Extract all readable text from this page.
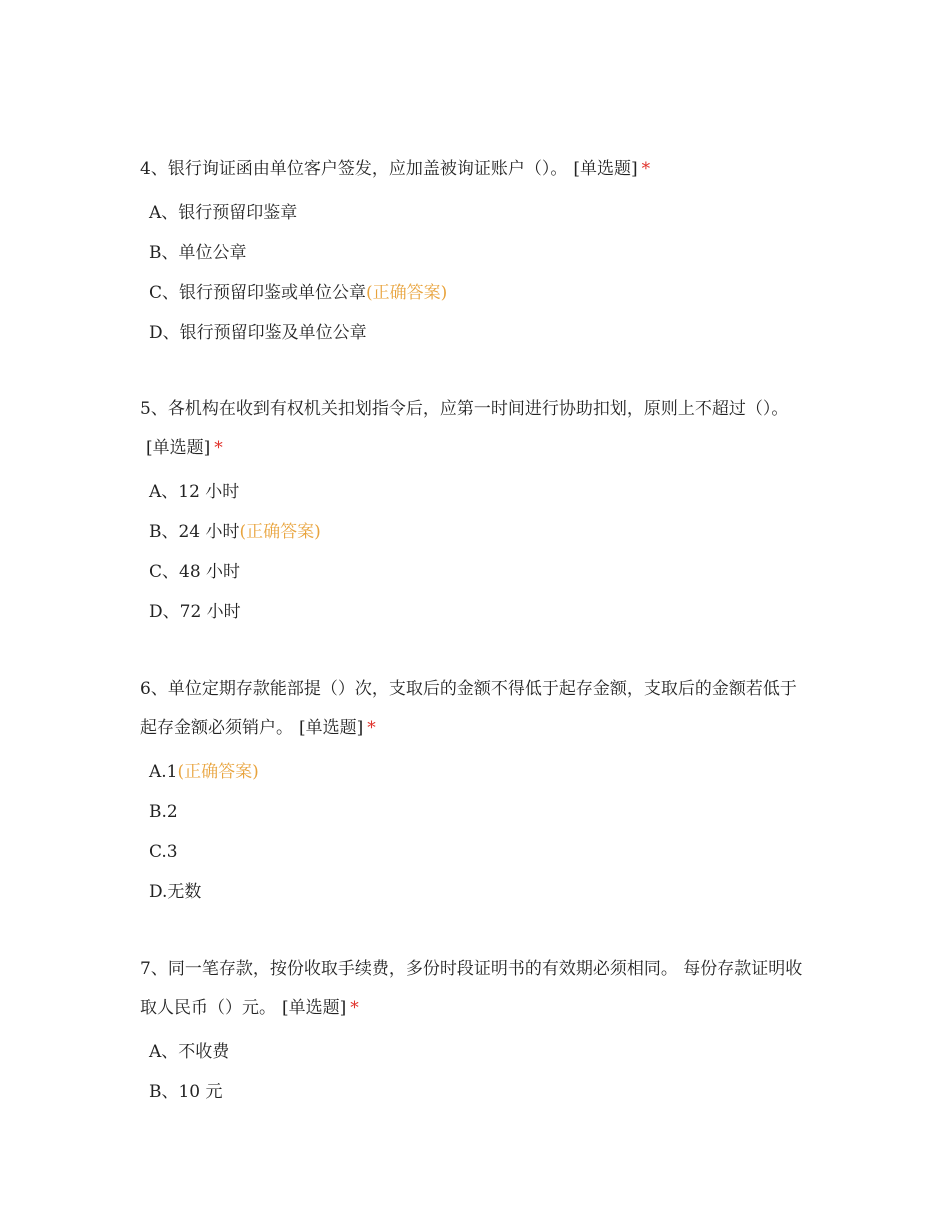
4、银行询证函由单位客户签发，应加盖被询证账户（）。 [单选题] *

A、银行预留印鉴章
B、单位公章
C、银行预留印鉴或单位公章(正确答案)
D、银行预留印鉴及单位公章

5、各机构在收到有权机关扣划指令后，应第一时间进行协助扣划，原则上不超过（）。[单选题] *

A、12 小时
B、24 小时(正确答案)
C、48 小时
D、72 小时

6、单位定期存款能部提（）次，支取后的金额不得低于起存金额，支取后的金额若低于起存金额必须销户。 [单选题] *

A.1(正确答案)
B.2
C.3
D.无数

7、同一笔存款，按份收取手续费，多份时段证明书的有效期必须相同。 每份存款证明收取人民币（）元。 [单选题] *

A、不收费
B、10 元
